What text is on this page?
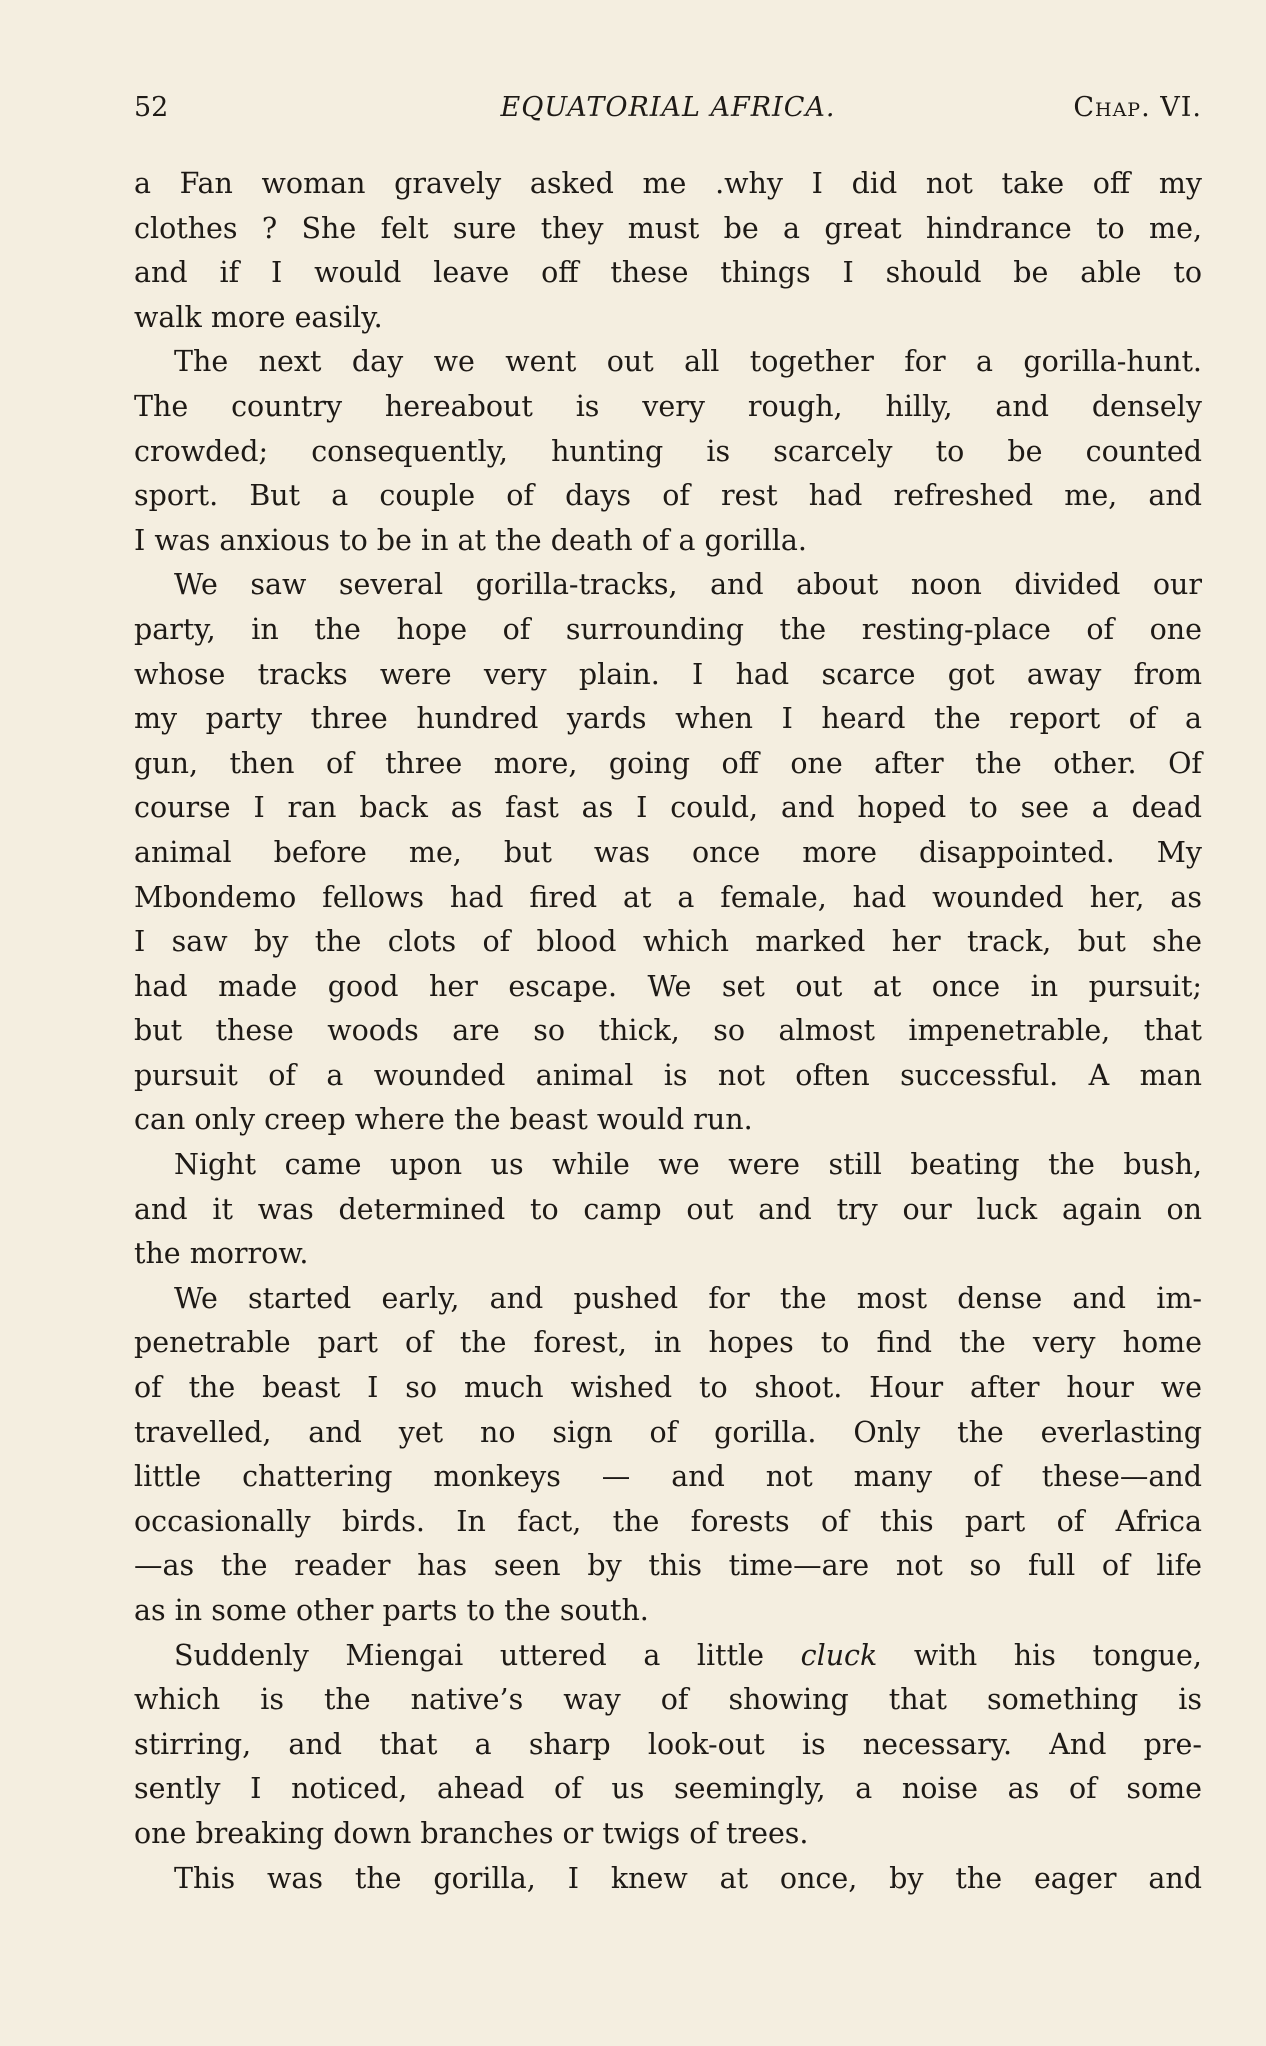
52	EQUATORIAL AFRICA.	Chap. VI.
a Fan woman gravely asked me .why I did not take off my
clothes ? She felt sure they must be a great hindrance to me,
and if I would leave off these things I should be able to
walk more easily.
The next day we went out all together for a gorilla-hunt.
The country hereabout is very rough, hilly, and densely
crowded; consequently, hunting is scarcely to be counted
sport. But a couple of days of rest had refreshed me, and
I was anxious to be in at the death of a gorilla.
We saw several gorilla-tracks, and about noon divided our
party, in the hope of surrounding the resting-place of one
whose tracks were very plain. I had scarce got away from
my party three hundred yards when I heard the report of a
gun, then of three more, going off one after the other. Of
course I ran back as fast as I could, and hoped to see a dead
animal before me, but was once more disappointed. My
Mbondemo fellows had fired at a female, had wounded her, as
I saw by the clots of blood which marked her track, but she
had made good her escape. We set out at once in pursuit;
but these woods are so thick, so almost impenetrable, that
pursuit of a wounded animal is not often successful. A man
can only creep where the beast would run.
Night came upon us while we were still beating the bush,
and it was determined to camp out and try our luck again on
the morrow.
We started early, and pushed for the most dense and im-
penetrable part of the forest, in hopes to find the very home
of the beast I so much wished to shoot. Hour after hour we
travelled, and yet no sign of gorilla. Only the everlasting
little chattering monkeys — and not many of these—and
occasionally birds. In fact, the forests of this part of Africa
—as the reader has seen by this time—are not so full of life
as in some other parts to the south.
Suddenly Miengai uttered a little cluck with his tongue,
which is the native’s way of showing that something is
stirring, and that a sharp look-out is necessary. And pre-
sently I noticed, ahead of us seemingly, a noise as of some
one breaking down branches or twigs of trees.
This was the gorilla, I knew at once, by the eager and
